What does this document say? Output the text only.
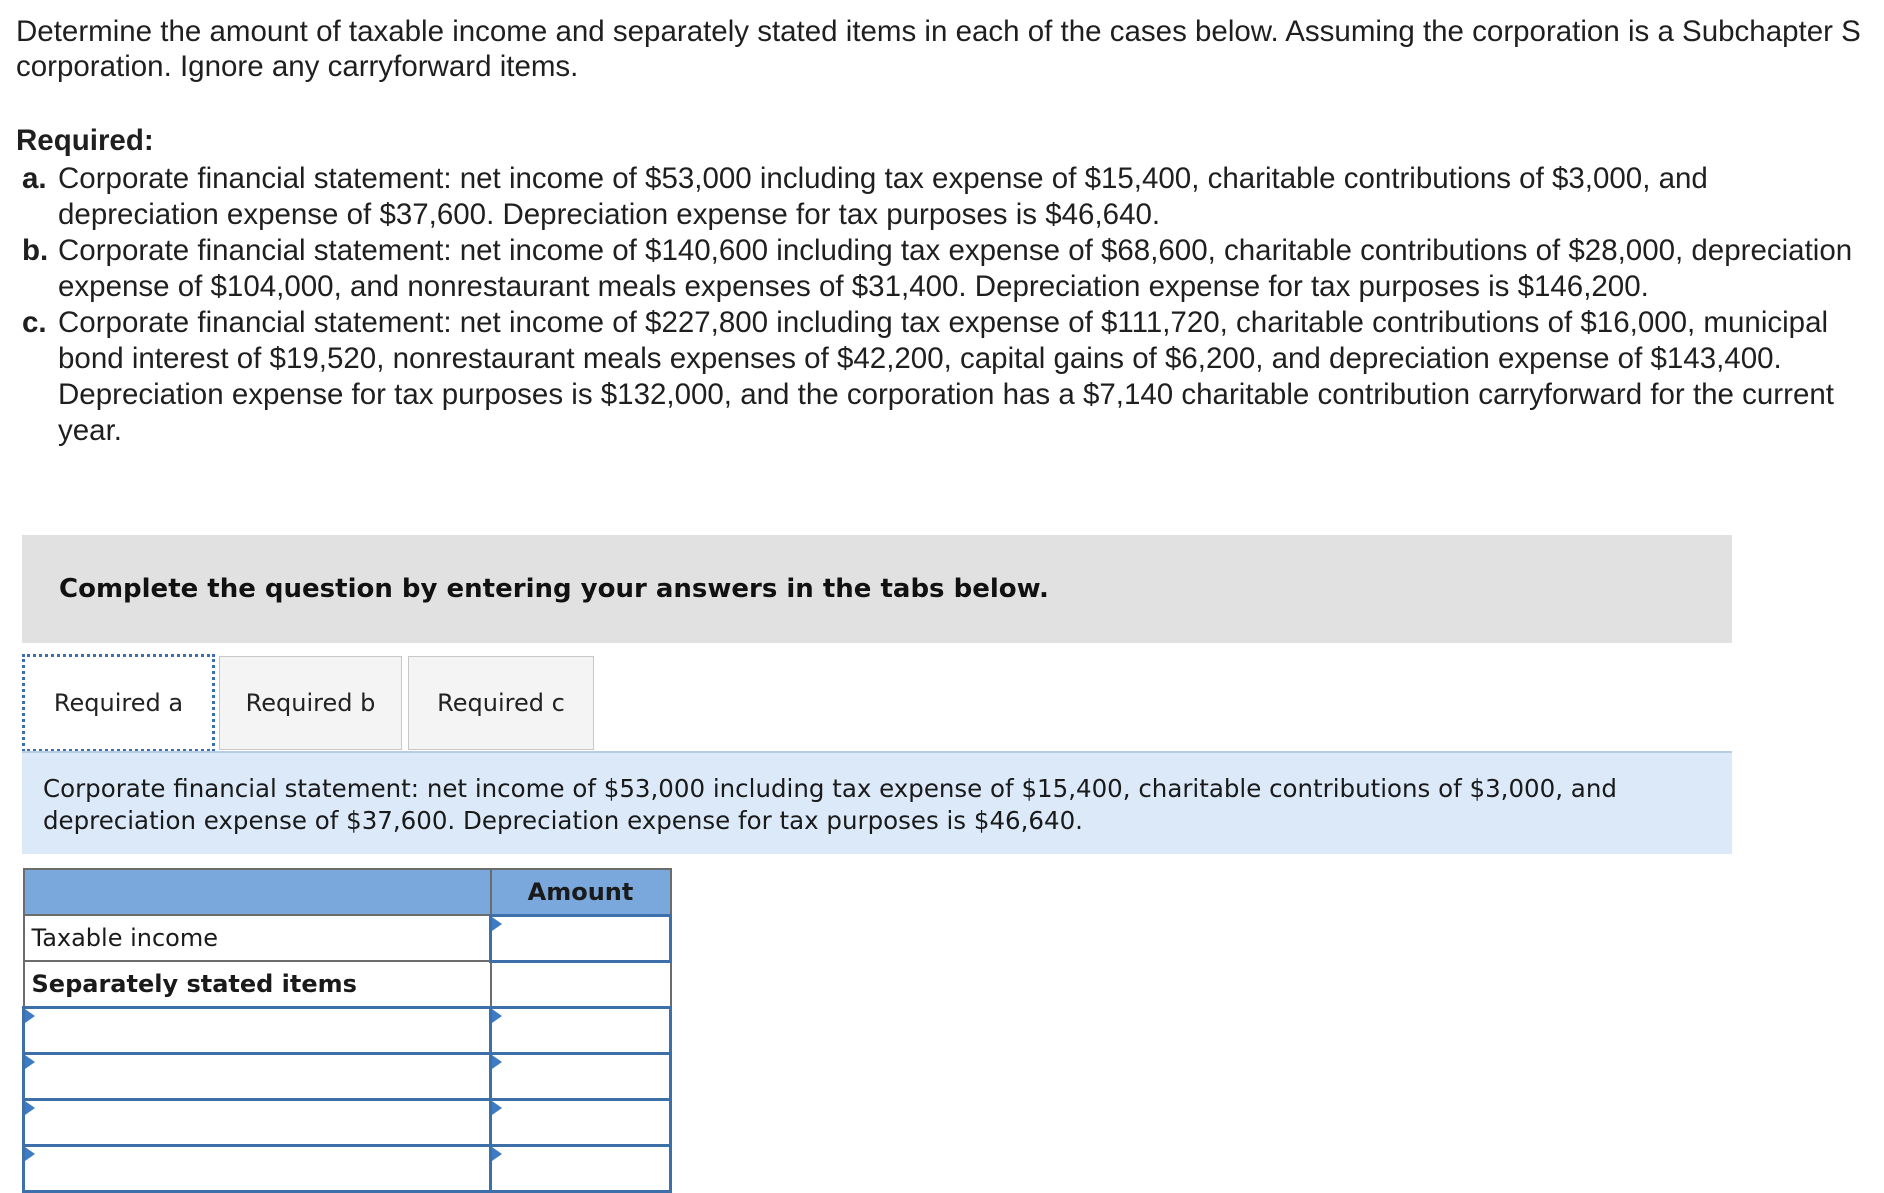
Determine the amount of taxable income and separately stated items in each of the cases below. Assuming the corporation is a Subchapter S corporation. Ignore any carryforward items.
Required:
a. Corporate financial statement: net income of $53,000 including tax expense of $15,400, charitable contributions of $3,000, and depreciation expense of $37,600. Depreciation expense for tax purposes is $46,640.
b. Corporate financial statement: net income of $140,600 including tax expense of $68,600, charitable contributions of $28,000, depreciation expense of $104,000, and nonrestaurant meals expenses of $31,400. Depreciation expense for tax purposes is $146,200.
c. Corporate financial statement: net income of $227,800 including tax expense of $111,720, charitable contributions of $16,000, municipal bond interest of $19,520, nonrestaurant meals expenses of $42,200, capital gains of $6,200, and depreciation expense of $143,400. Depreciation expense for tax purposes is $132,000, and the corporation has a $7,140 charitable contribution carryforward for the current year.
Complete the question by entering your answers in the tabs below.
Required a	Required b	Required c
Corporate financial statement: net income of $53,000 including tax expense of $15,400, charitable contributions of $3,000, and depreciation expense of $37,600. Depreciation expense for tax purposes is $46,640.
	Amount
Taxable income	

Separately stated items	
